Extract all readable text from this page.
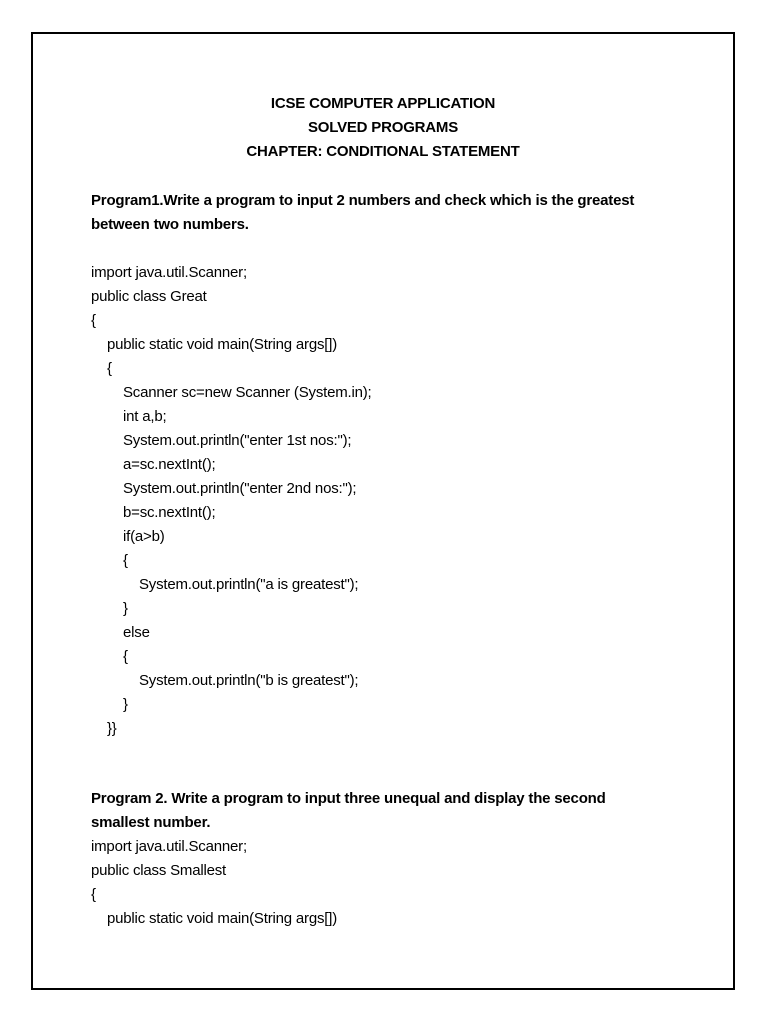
ICSE COMPUTER APPLICATION
SOLVED PROGRAMS
CHAPTER: CONDITIONAL STATEMENT
Program1.Write a program to input 2 numbers and check which is the greatest
between two numbers.
import java.util.Scanner;
public class Great
{
public static void main(String args[])
{
Scanner sc=new Scanner (System.in);
int a,b;
System.out.println("enter 1st nos:");
a=sc.nextInt();
System.out.println("enter 2nd nos:");
b=sc.nextInt();
if(a>b)
{
System.out.println("a is greatest");
}
else
{
System.out.println("b is greatest");
}
}}
Program 2. Write a program to input three unequal and display the second
smallest number.
import java.util.Scanner;
public class Smallest
{
public static void main(String args[])
